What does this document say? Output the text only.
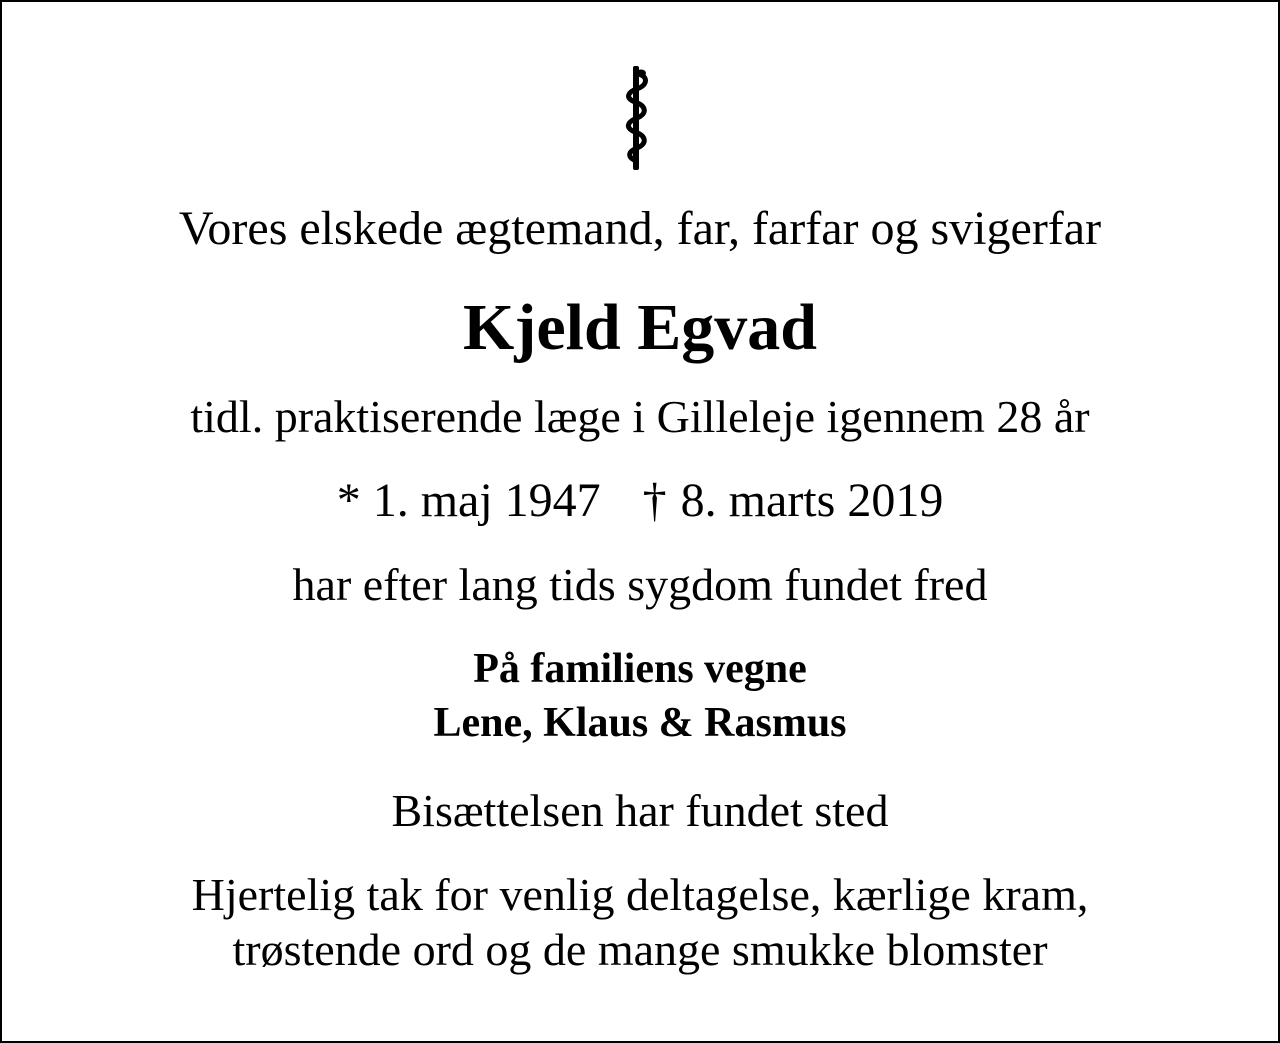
Vores elskede ægtemand, far, farfar og svigerfar
Kjeld Egvad
tidl. praktiserende læge i Gilleleje igennem 28 år
* 1. maj 1947 † 8. marts 2019
har efter lang tids sygdom fundet fred
På familiens vegne
Lene, Klaus & Rasmus
Bisættelsen har fundet sted
Hjertelig tak for venlig deltagelse, kærlige kram,
trøstende ord og de mange smukke blomster
